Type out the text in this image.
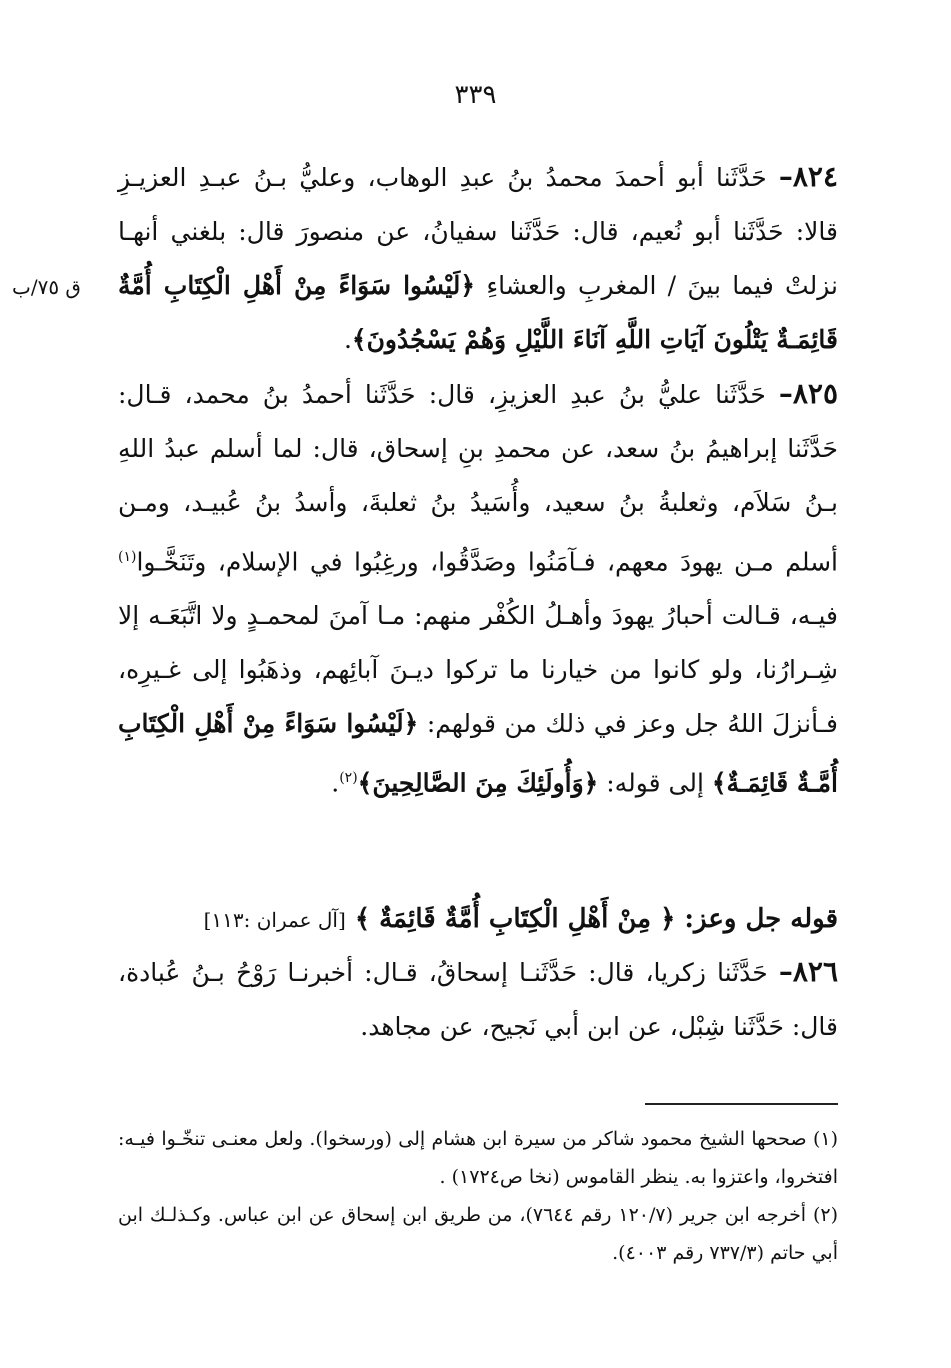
٣٣٩
ق ٧٥/ب

٨٢٤– حَدَّثَنا أبو أحمدَ محمدُ بنُ عبدِ الوهاب، وعليُّ بـنُ عبـدِ العزيـزِ قالا: حَدَّثَنا أبو نُعيم، قال: حَدَّثَنا سفيانُ، عن منصورَ قال: بلغني أنهـا نزلتْ فيما بينَ / المغربِ والعشاءِ ﴿لَيْسُوا سَوَاءً مِنْ أَهْلِ الْكِتَابِ أُمَّةٌ قَائِمَـةٌ يَتْلُونَ آيَاتِ اللَّهِ آنَاءَ اللَّيْلِ وَهُمْ يَسْجُدُونَ﴾.

٨٢٥– حَدَّثَنا عليُّ بنُ عبدِ العزيزِ، قال: حَدَّثَنا أحمدُ بنُ محمد، قـال: حَدَّثَنا إبراهيمُ بنُ سعد، عن محمدِ بنِ إسحاق، قال: لما أسلم عبدُ اللهِ بـنُ سَلاَم، وثعلبةُ بنُ سعيد، وأُسَيدُ بنُ ثعلبةَ، وأسدُ بنُ عُبيـد، ومـن أسلم مـن يهودَ معهم، فـآمَنُوا وصَدَّقُوا، ورغِبُوا في الإسلام، وتَنَخَّـوا$^{(١)}$ فيـه، قـالت أحبارُ يهودَ وأهـلُ الكُفْر منهم: مـا آمنَ لمحمـدٍ ولا اتَّبَعَـه إلا شِـرارُنا، ولو كانوا من خيارنا ما تركوا ديـنَ آبائِهم، وذهَبُوا إلى غـيرِه، فـأنزلَ اللهُ جل وعز في ذلك من قولهم: ﴿لَيْسُوا سَوَاءً مِنْ أَهْلِ الْكِتَابِ أُمَّـةٌ قَائِمَـةٌ﴾ إلى قوله: ﴿وَأُولَئِكَ مِنَ الصَّالِحِينَ﴾$^{(٢)}$.

قوله جل وعز: ﴿ مِنْ أَهْلِ الْكِتَابِ أُمَّةٌ قَائِمَةٌ ﴾ [آل عمران :١١٣]

٨٢٦– حَدَّثَنا زكريا، قال: حَدَّثَنـا إسحاقُ، قـال: أخبرنـا رَوْحُ بـنُ عُبادة، قال: حَدَّثَنا شِبْل، عن ابن أبي نَجيح، عن مجاهد.

(١) صححها الشيخ محمود شاكر من سيرة ابن هشام إلى (ورسخوا). ولعل معنـى تنخّـوا فيـه: افتخروا، واعتزوا به. ينظر القاموس (نخا ص١٧٢٤) .

(٢) أخرجه ابن جرير (١٢٠/٧ رقم ٧٦٤٤)، من طريق ابن إسحاق عن ابن عباس. وكـذلـك ابن أبي حاتم (٧٣٧/٣ رقم ٤٠٠٣).
